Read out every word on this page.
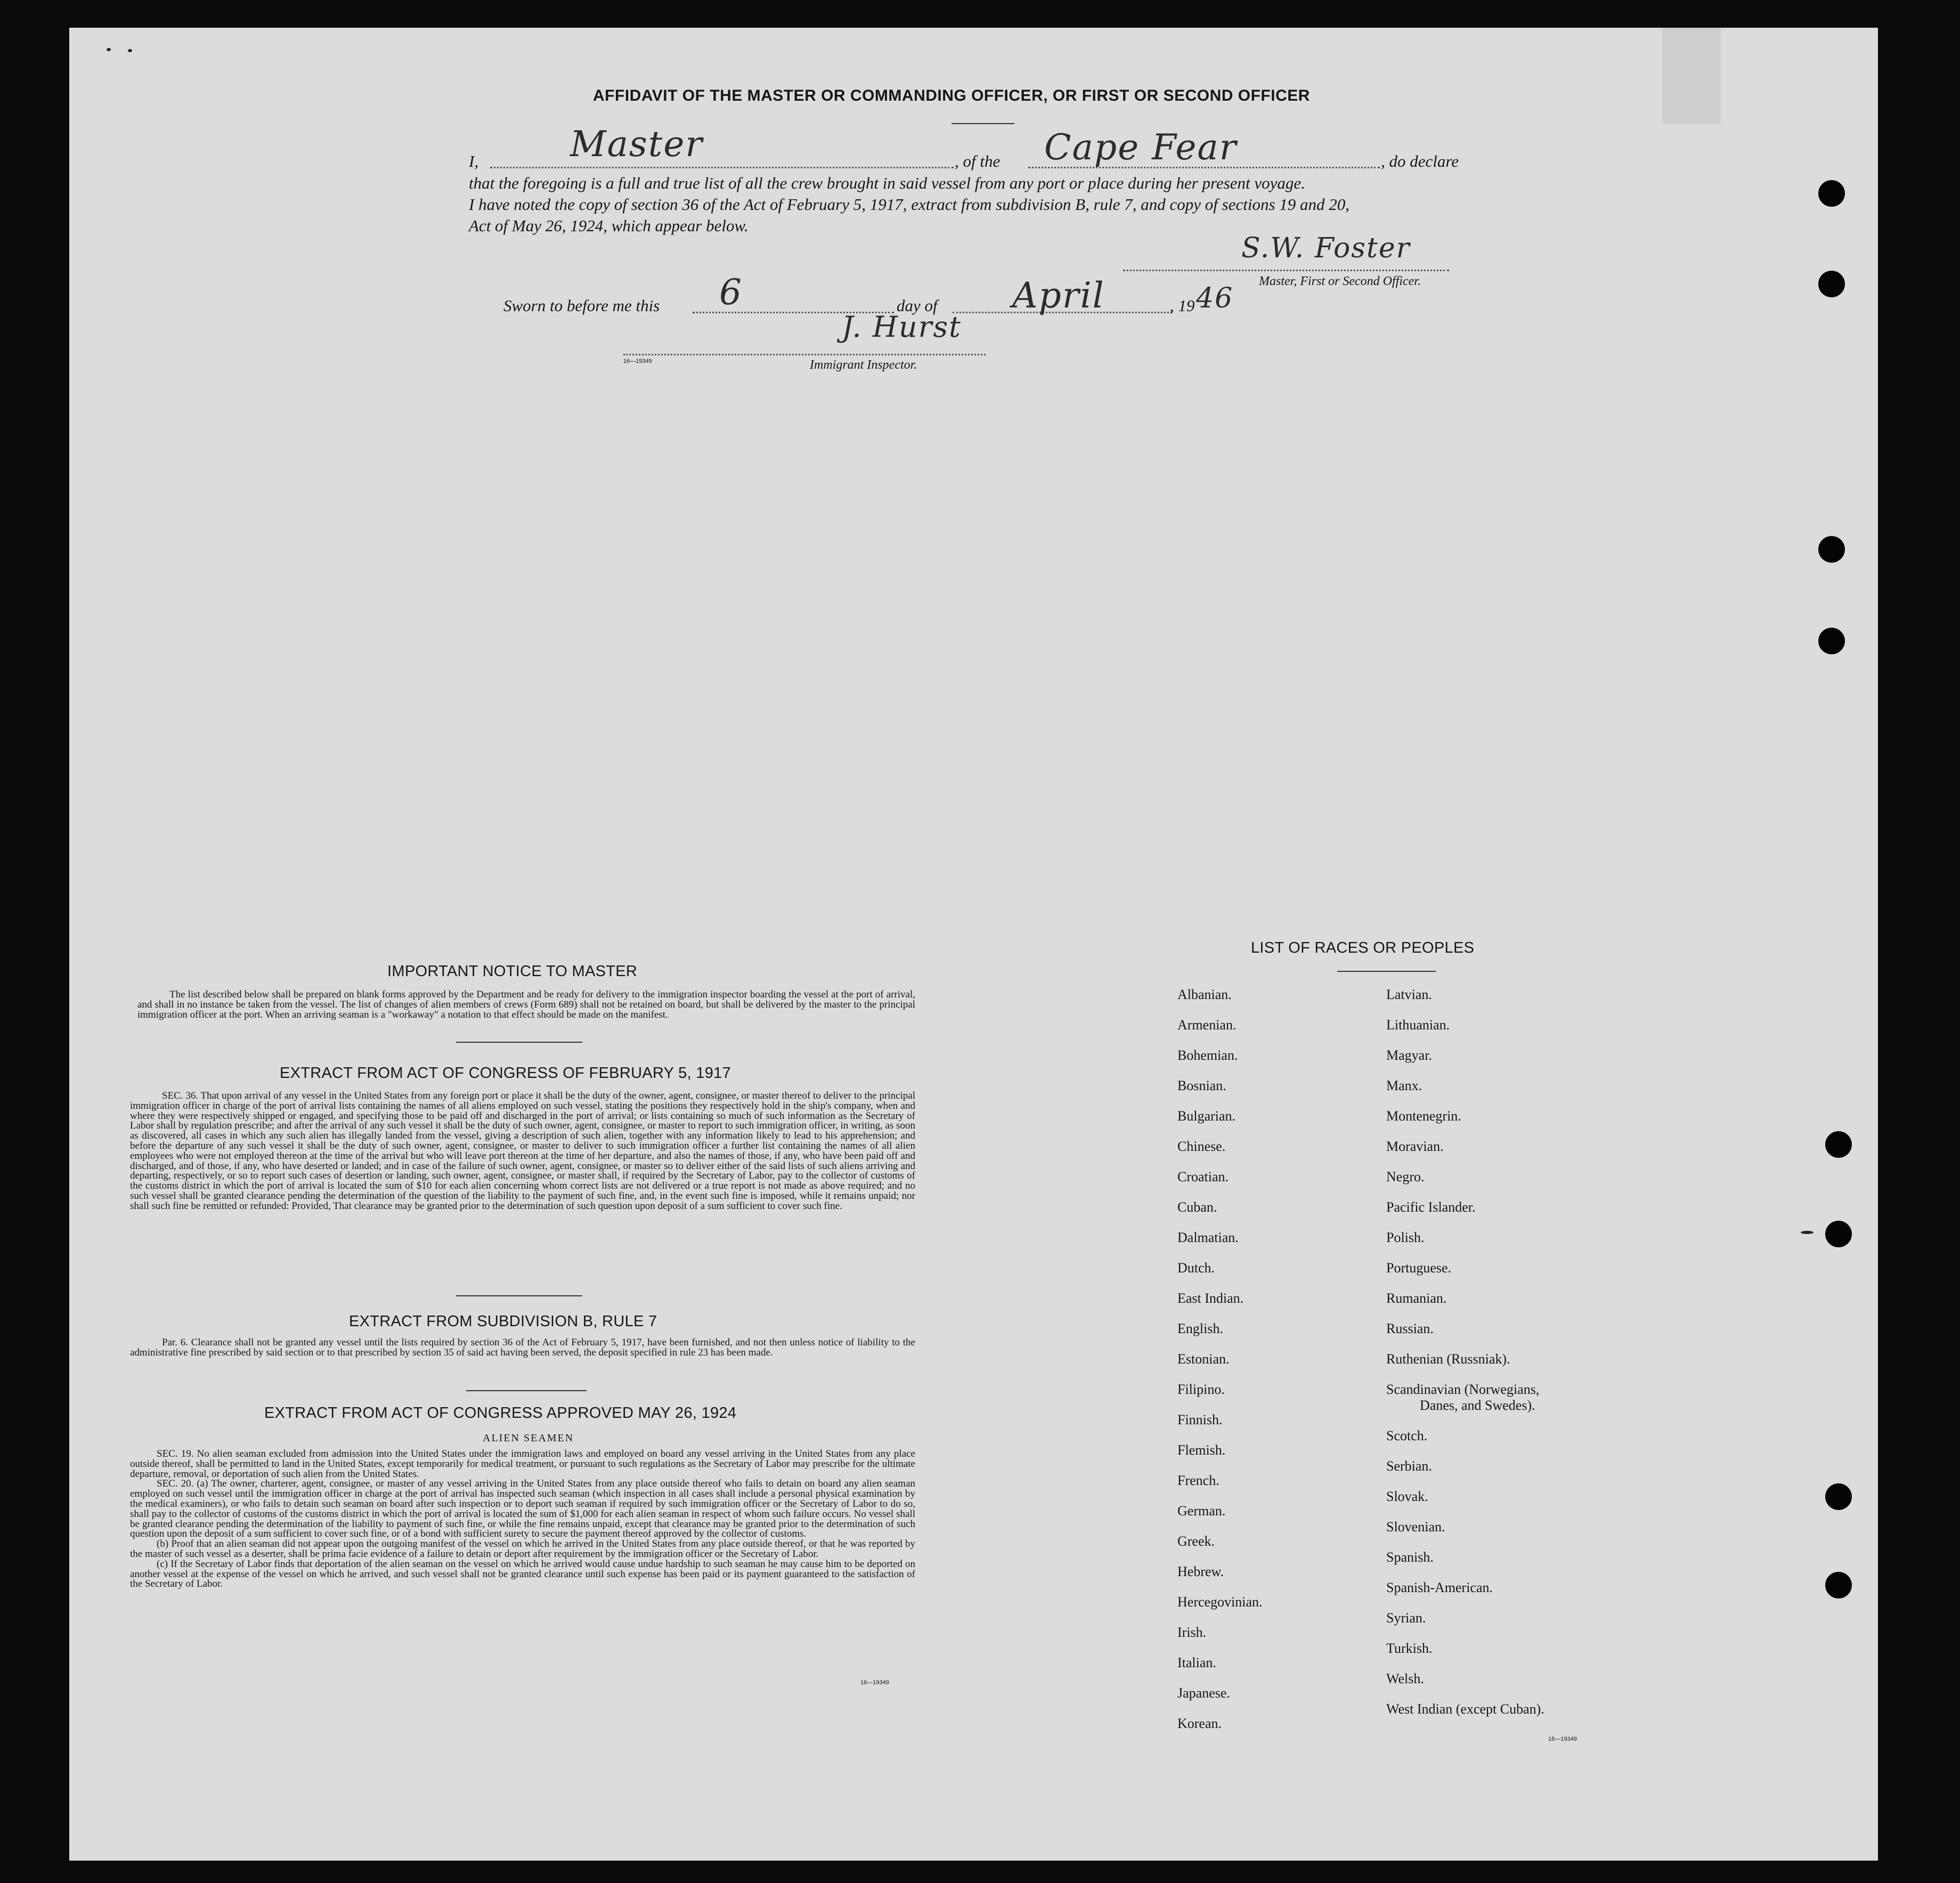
AFFIDAVIT OF THE MASTER OR COMMANDING OFFICER, OR FIRST OR SECOND OFFICER
I,	Master	, of the Cape Fear	, do declare
that the foregoing is a full and true list of all the crew brought in said vessel from any port or place during her present voyage.
I have noted the copy of section 36 of the Act of February 5, 1917, extract from subdivision B, rule 7, and copy of sections 19 and 20,
Act of May 26, 1924, which appear below.
S.W. Foster
Master, First or Second Officer.
Sworn to before me this 6	day of April	, 19 46
J. Hurst
16—19349	Immigrant Inspector.
IMPORTANT NOTICE TO MASTER

The list described below shall be prepared on blank forms approved by the Department and be ready for delivery to the immigration inspector boarding the vessel at the port of arrival, and shall in no instance be taken from the vessel. The list of changes of alien members of crews (Form 689) shall not be retained on board, but shall be delivered by the master to the principal immigration officer at the port. When an arriving seaman is a "workaway" a notation to that effect should be made on the manifest.

EXTRACT FROM ACT OF CONGRESS OF FEBRUARY 5, 1917

SEC. 36. That upon arrival of any vessel in the United States from any foreign port or place it shall be the duty of the owner, agent, consignee, or master thereof to deliver to the principal immigration officer in charge of the port of arrival lists containing the names of all aliens employed on such vessel, stating the positions they respectively hold in the ship's company, when and where they were respectively shipped or engaged, and specifying those to be paid off and discharged in the port of arrival; or lists containing so much of such information as the Secretary of Labor shall by regulation prescribe; and after the arrival of any such vessel it shall be the duty of such owner, agent, consignee, or master to report to such immigration officer, in writing, as soon as discovered, all cases in which any such alien has illegally landed from the vessel, giving a description of such alien, together with any information likely to lead to his apprehension; and before the departure of any such vessel it shall be the duty of such owner, agent, consignee, or master to deliver to such immigration officer a further list containing the names of all alien employees who were not employed thereon at the time of the arrival but who will leave port thereon at the time of her departure, and also the names of those, if any, who have been paid off and discharged, and of those, if any, who have deserted or landed; and in case of the failure of such owner, agent, consignee, or master so to deliver either of the said lists of such aliens arriving and departing, respectively, or so to report such cases of desertion or landing, such owner, agent, consignee, or master shall, if required by the Secretary of Labor, pay to the collector of customs of the customs district in which the port of arrival is located the sum of $10 for each alien concerning whom correct lists are not delivered or a true report is not made as above required; and no such vessel shall be granted clearance pending the determination of the question of the liability to the payment of such fine, and, in the event such fine is imposed, while it remains unpaid; nor shall such fine be remitted or refunded: Provided, That clearance may be granted prior to the determination of such question upon deposit of a sum sufficient to cover such fine.

EXTRACT FROM SUBDIVISION B, RULE 7

Par. 6. Clearance shall not be granted any vessel until the lists required by section 36 of the Act of February 5, 1917, have been furnished, and not then unless notice of liability to the administrative fine prescribed by said section or to that prescribed by section 35 of said act having been served, the deposit specified in rule 23 has been made.

EXTRACT FROM ACT OF CONGRESS APPROVED MAY 26, 1924
ALIEN SEAMEN

SEC. 19. No alien seaman excluded from admission into the United States under the immigration laws and employed on board any vessel arriving in the United States from any place outside thereof, shall be permitted to land in the United States, except temporarily for medical treatment, or pursuant to such regulations as the Secretary of Labor may prescribe for the ultimate departure, removal, or deportation of such alien from the United States.

SEC. 20. (a) The owner, charterer, agent, consignee, or master of any vessel arriving in the United States from any place outside thereof who fails to detain on board any alien seaman employed on such vessel until the immigration officer in charge at the port of arrival has inspected such seaman (which inspection in all cases shall include a personal physical examination by the medical examiners), or who fails to detain such seaman on board after such inspection or to deport such seaman if required by such immigration officer or the Secretary of Labor to do so, shall pay to the collector of customs of the customs district in which the port of arrival is located the sum of $1,000 for each alien seaman in respect of whom such failure occurs. No vessel shall be granted clearance pending the determination of the liability to payment of such fine, or while the fine remains unpaid, except that clearance may be granted prior to the determination of such question upon the deposit of a sum sufficient to cover such fine, or of a bond with sufficient surety to secure the payment thereof approved by the collector of customs.

(b) Proof that an alien seaman did not appear upon the outgoing manifest of the vessel on which he arrived in the United States from any place outside thereof, or that he was reported by the master of such vessel as a deserter, shall be prima facie evidence of a failure to detain or deport after requirement by the immigration officer or the Secretary of Labor.

(c) If the Secretary of Labor finds that deportation of the alien seaman on the vessel on which he arrived would cause undue hardship to such seaman he may cause him to be deported on another vessel at the expense of the vessel on which he arrived, and such vessel shall not be granted clearance until such expense has been paid or its payment guaranteed to the satisfaction of the Secretary of Labor.

16—19349
LIST OF RACES OR PEOPLES
Albanian.
Armenian.
Bohemian.
Bosnian.
Bulgarian.
Chinese.
Croatian.
Cuban.
Dalmatian.
Dutch.
East Indian.
English.
Estonian.
Filipino.
Finnish.
Flemish.
French.
German.
Greek.
Hebrew.
Hercegovinian.
Irish.
Italian.
Japanese.
Korean.
Latvian.
Lithuanian.
Magyar.
Manx.
Montenegrin.
Moravian.
Negro.
Pacific Islander.
Polish.
Portuguese.
Rumanian.
Russian.
Ruthenian (Russniak).
Scandinavian (Norwegians,
Danes, and Swedes).
Scotch.
Serbian.
Slovak.
Slovenian.
Spanish.
Spanish-American.
Syrian.
Turkish.
Welsh.
West Indian (except Cuban).
16—19349
